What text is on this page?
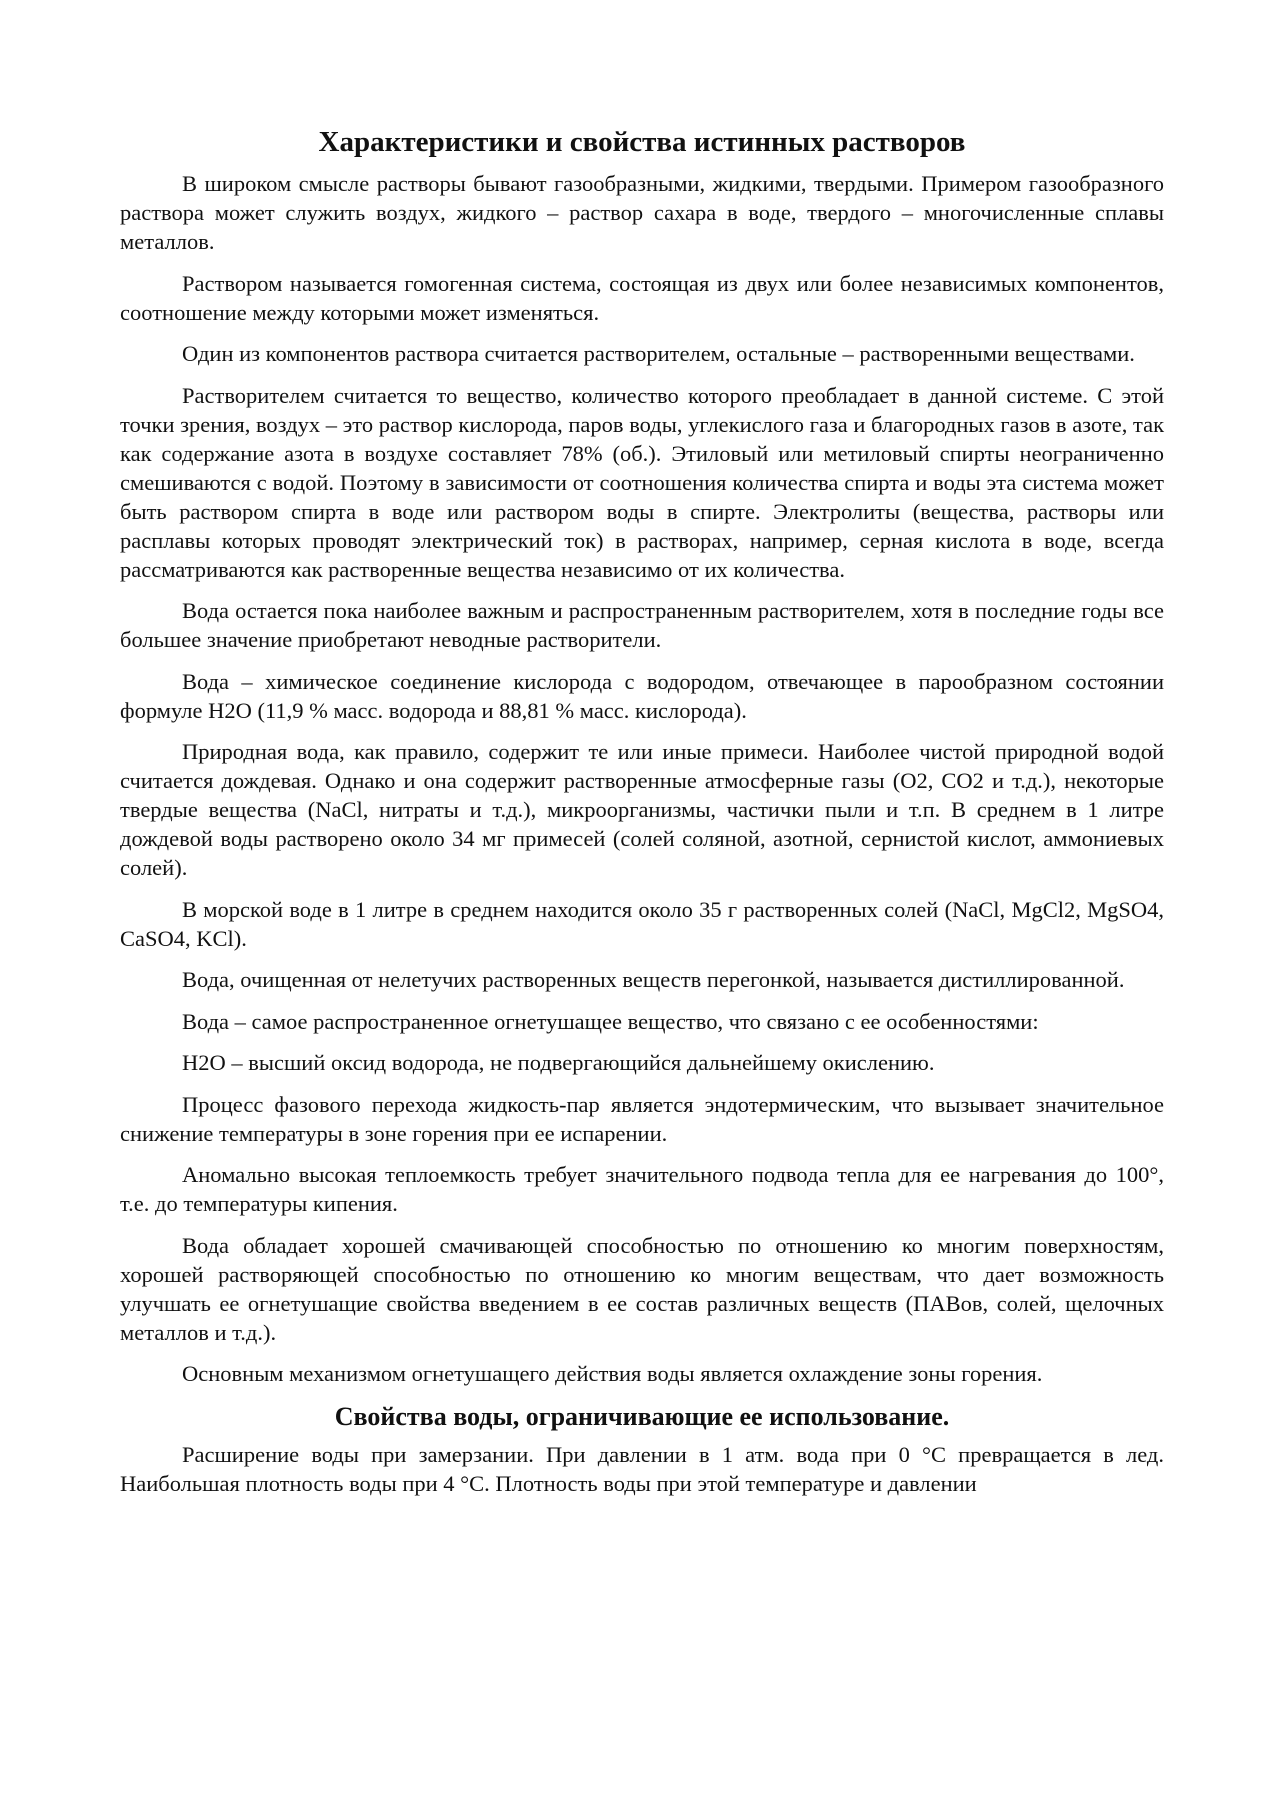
Характеристики и свойства истинных растворов

В широком смысле растворы бывают газообразными, жидкими, твердыми. Примером газообразного раствора может служить воздух, жидкого – раствор сахара в воде, твердого – многочисленные сплавы металлов.

Раствором называется гомогенная система, состоящая из двух или более независимых компонентов, соотношение между которыми может изменяться.

Один из компонентов раствора считается растворителем, остальные – растворенными веществами.

Растворителем считается то вещество, количество которого преобладает в данной системе. С этой точки зрения, воздух – это раствор кислорода, паров воды, углекислого газа и благородных газов в азоте, так как содержание азота в воздухе составляет 78% (об.). Этиловый или метиловый спирты неограниченно смешиваются с водой. Поэтому в зависимости от соотношения количества спирта и воды эта система может быть раствором спирта в воде или раствором воды в спирте. Электролиты (вещества, растворы или расплавы которых проводят электрический ток) в растворах, например, серная кислота в воде, всегда рассматриваются как растворенные вещества независимо от их количества.

Вода остается пока наиболее важным и распространенным растворителем, хотя в последние годы все большее значение приобретают неводные растворители.

Вода – химическое соединение кислорода с водородом, отвечающее в парообразном состоянии формуле Н2О (11,9 % масс. водорода и 88,81 % масс. кислорода).

Природная вода, как правило, содержит те или иные примеси. Наиболее чистой природной водой считается дождевая. Однако и она содержит растворенные атмосферные газы (О2, СО2 и т.д.), некоторые твердые вещества (NaCl, нитраты и т.д.), микроорганизмы, частички пыли и т.п. В среднем в 1 литре дождевой воды растворено около 34 мг примесей (солей соляной, азотной, сернистой кислот, аммониевых солей).

В морской воде в 1 литре в среднем находится около 35 г растворенных солей (NaCl, MgCl2, MgSO4, CaSO4, KCl).

Вода, очищенная от нелетучих растворенных веществ перегонкой, называется дистиллированной.

Вода – самое распространенное огнетушащее вещество, что связано с ее особенностями:

Н2О – высший оксид водорода, не подвергающийся дальнейшему окислению.

Процесс фазового перехода жидкость-пар является эндотермическим, что вызывает значительное снижение температуры в зоне горения при ее испарении.

Аномально высокая теплоемкость требует значительного подвода тепла для ее нагревания до 100°, т.е. до температуры кипения.

Вода обладает хорошей смачивающей способностью по отношению ко многим поверхностям, хорошей растворяющей способностью по отношению ко многим веществам, что дает возможность улучшать ее огнетушащие свойства введением в ее состав различных веществ (ПАВов, солей, щелочных металлов и т.д.).

Основным механизмом огнетушащего действия воды является охлаждение зоны горения.

Свойства воды, ограничивающие ее использование.

Расширение воды при замерзании. При давлении в 1 атм. вода при 0 °С превращается в лед. Наибольшая плотность воды при 4 °С. Плотность воды при этой температуре и давлении
